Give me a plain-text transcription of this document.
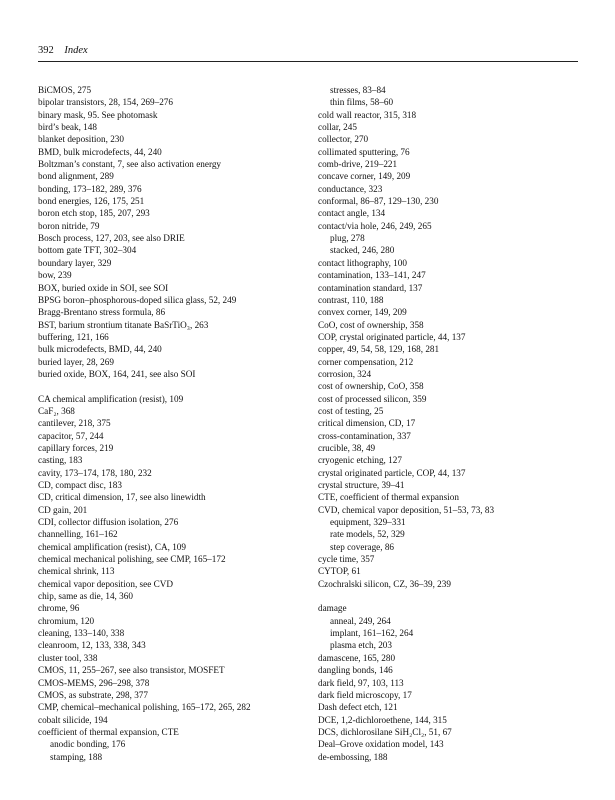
392 Index
BiCMOS, 275
bipolar transistors, 28, 154, 269–276
binary mask, 95. See photomask
bird’s beak, 148
blanket deposition, 230
BMD, bulk microdefects, 44, 240
Boltzman’s constant, 7, see also activation energy
bond alignment, 289
bonding, 173–182, 289, 376
bond energies, 126, 175, 251
boron etch stop, 185, 207, 293
boron nitride, 79
Bosch process, 127, 203, see also DRIE
bottom gate TFT, 302–304
boundary layer, 329
bow, 239
BOX, buried oxide in SOI, see SOI
BPSG boron–phosphorous-doped silica glass, 52, 249
Bragg-Brentano stress formula, 86
BST, barium strontium titanate BaSrTiO₃, 263
buffering, 121, 166
bulk microdefects, BMD, 44, 240
buried layer, 28, 269
buried oxide, BOX, 164, 241, see also SOI
CA chemical amplification (resist), 109
CaF₂, 368
cantilever, 218, 375
capacitor, 57, 244
capillary forces, 219
casting, 183
cavity, 173–174, 178, 180, 232
CD, compact disc, 183
CD, critical dimension, 17, see also linewidth
CD gain, 201
CDI, collector diffusion isolation, 276
channelling, 161–162
chemical amplification (resist), CA, 109
chemical mechanical polishing, see CMP, 165–172
chemical shrink, 113
chemical vapor deposition, see CVD
chip, same as die, 14, 360
chrome, 96
chromium, 120
cleaning, 133–140, 338
cleanroom, 12, 133, 338, 343
cluster tool, 338
CMOS, 11, 255–267, see also transistor, MOSFET
CMOS-MEMS, 296–298, 378
CMOS, as substrate, 298, 377
CMP, chemical–mechanical polishing, 165–172, 265, 282
cobalt silicide, 194
coefficient of thermal expansion, CTE
anodic bonding, 176
stamping, 188
stresses, 83–84
thin films, 58–60
cold wall reactor, 315, 318
collar, 245
collector, 270
collimated sputtering, 76
comb-drive, 219–221
concave corner, 149, 209
conductance, 323
conformal, 86–87, 129–130, 230
contact angle, 134
contact/via hole, 246, 249, 265
plug, 278
stacked, 246, 280
contact lithography, 100
contamination, 133–141, 247
contamination standard, 137
contrast, 110, 188
convex corner, 149, 209
CoO, cost of ownership, 358
COP, crystal originated particle, 44, 137
copper, 49, 54, 58, 129, 168, 281
corner compensation, 212
corrosion, 324
cost of ownership, CoO, 358
cost of processed silicon, 359
cost of testing, 25
critical dimension, CD, 17
cross-contamination, 337
crucible, 38, 49
cryogenic etching, 127
crystal originated particle, COP, 44, 137
crystal structure, 39–41
CTE, coefficient of thermal expansion
CVD, chemical vapor deposition, 51–53, 73, 83
equipment, 329–331
rate models, 52, 329
step coverage, 86
cycle time, 357
CYTOP, 61
Czochralski silicon, CZ, 36–39, 239
damage
anneal, 249, 264
implant, 161–162, 264
plasma etch, 203
damascene, 165, 280
dangling bonds, 146
dark field, 97, 103, 113
dark field microscopy, 17
Dash defect etch, 121
DCE, 1,2-dichloroethene, 144, 315
DCS, dichlorosilane SiH₂Cl₂, 51, 67
Deal–Grove oxidation model, 143
de-embossing, 188
